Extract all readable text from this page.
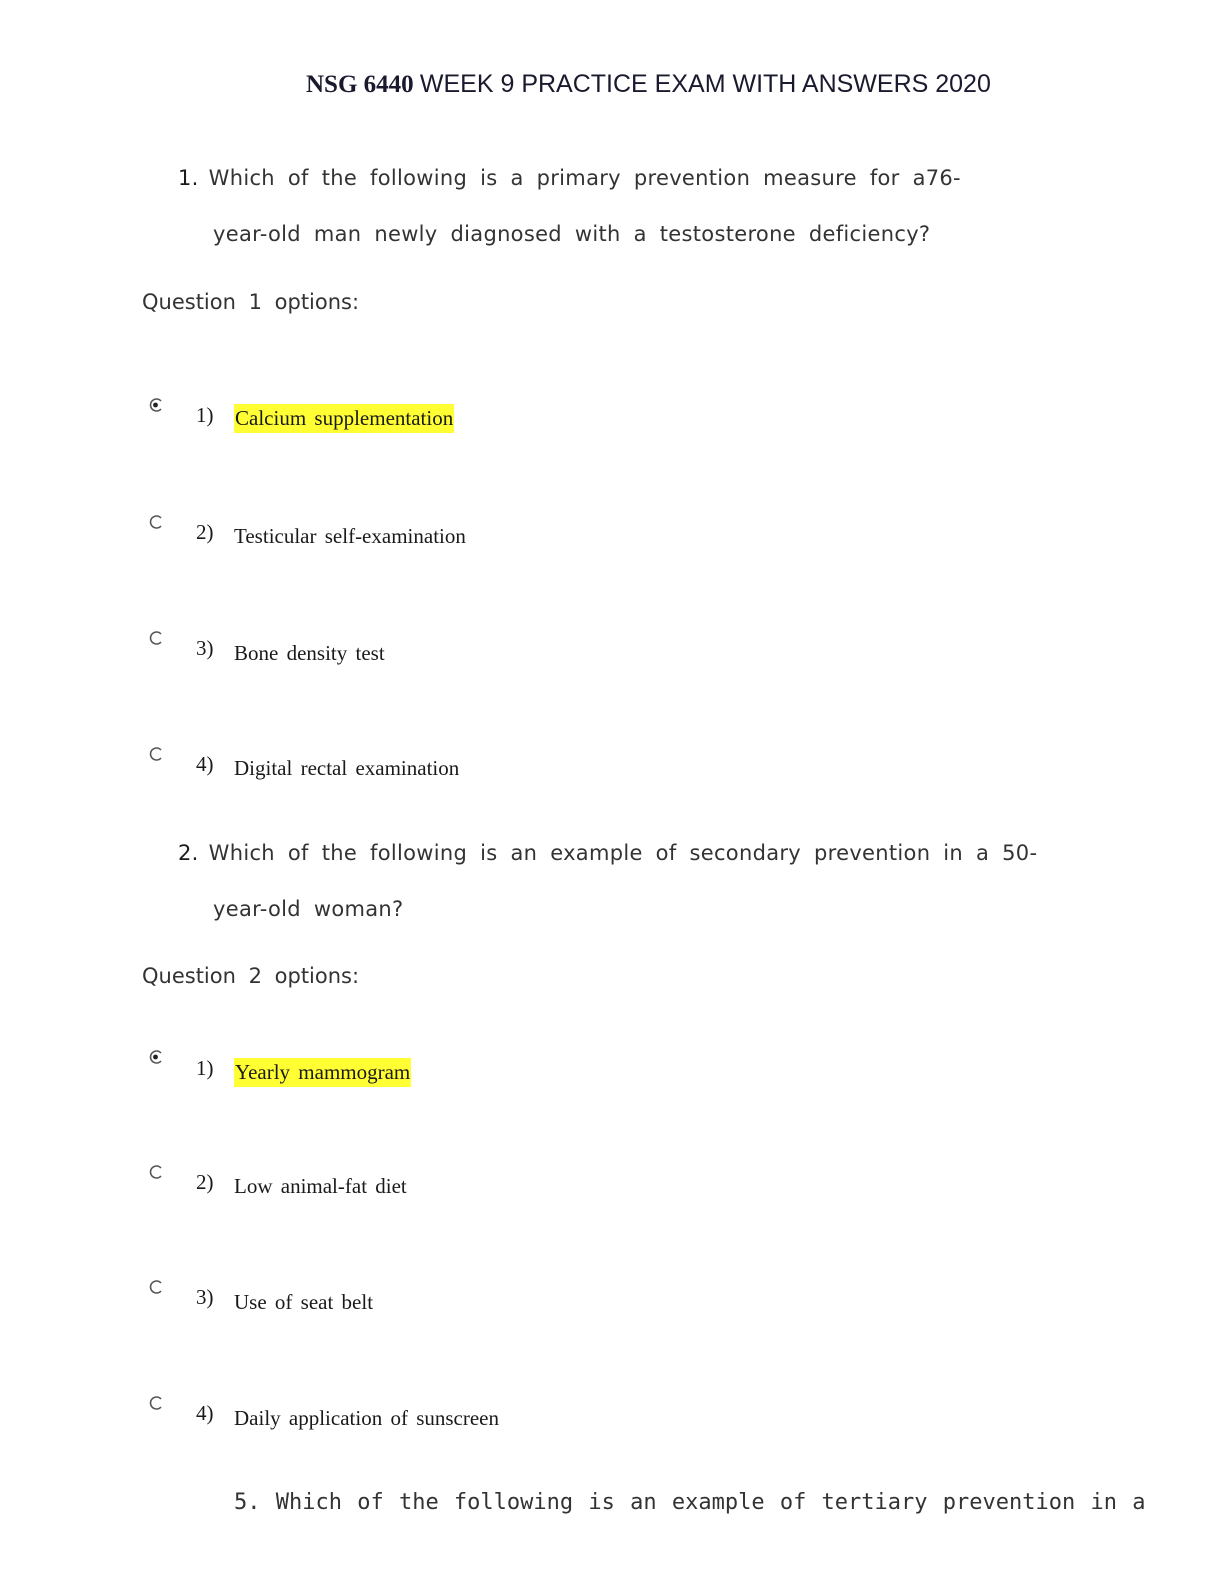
NSG 6440 WEEK 9 PRACTICE EXAM WITH ANSWERS 2020
1. Which of the following is a primary prevention measure for a76-
year-old man newly diagnosed with a testosterone deficiency?
Question 1 options:
1) Calcium supplementation
2) Testicular self-examination
3) Bone density test
4) Digital rectal examination
2. Which of the following is an example of secondary prevention in a 50-
year-old woman?
Question 2 options:
1) Yearly mammogram
2) Low animal-fat diet
3) Use of seat belt
4) Daily application of sunscreen
5. Which of the following is an example of tertiary prevention in a
